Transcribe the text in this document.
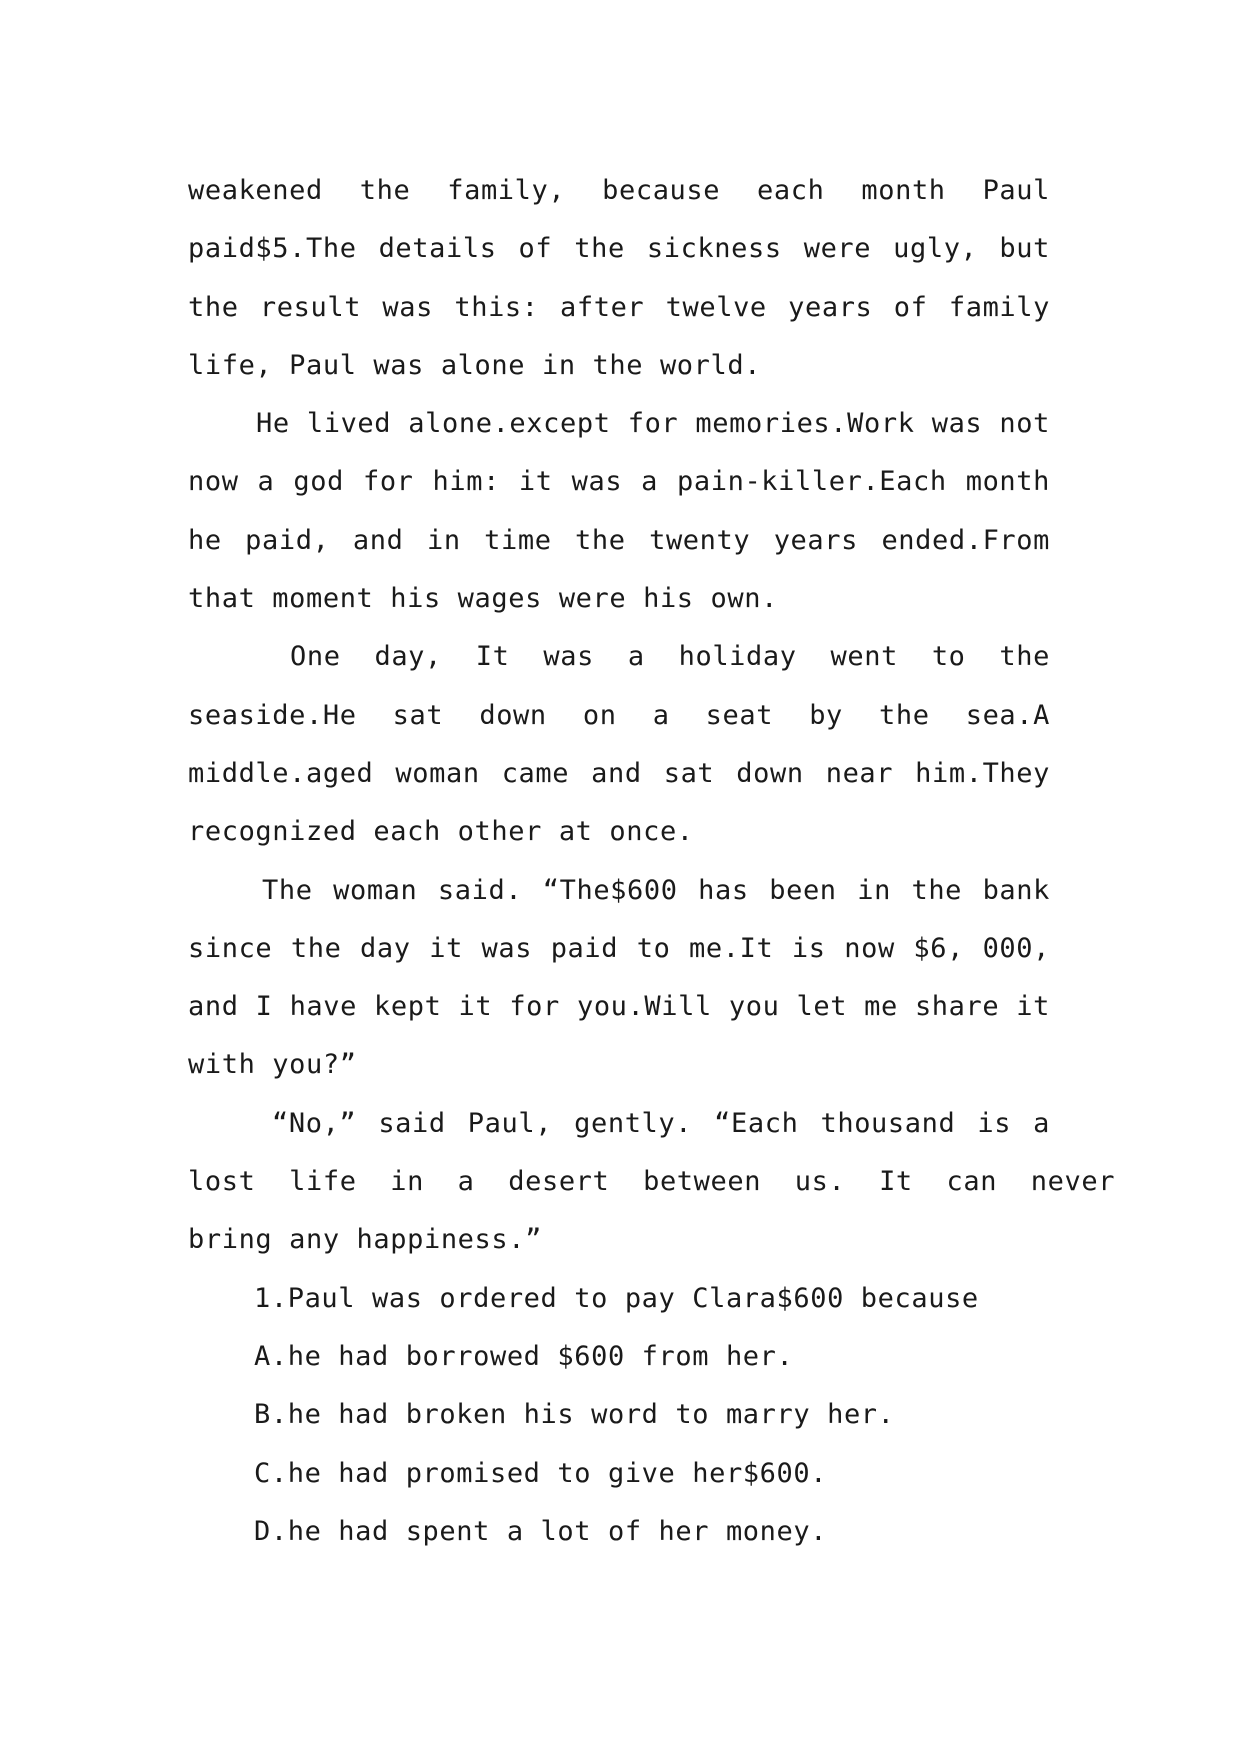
weakened  the  family,  because  each  month  Paul
paid$5.The details of the sickness were ugly, but
the result was this: after twelve years of family
life, Paul was alone in the world.
He lived alone.except for memories.Work was not
now a god for him: it was a pain-killer.Each month
he paid, and in time the twenty years ended.From
that moment his wages were his own.
One  day,  It  was  a  holiday  went  to  the
seaside.He  sat  down  on  a  seat  by  the  sea.A
middle.aged woman came and sat down near him.They
recognized each other at once.
The woman said. “The$600 has been in the bank
since the day it was paid to me.It is now $6, 000,
and I have kept it for you.Will you let me share it
with you?”
“No,” said Paul, gently. “Each thousand is a
lost  life  in  a  desert  between  us.  It  can  never
bring any happiness.”
1.Paul was ordered to pay Clara$600 because
A.he had borrowed $600 from her.
B.he had broken his word to marry her.
C.he had promised to give her$600.
D.he had spent a lot of her money.
